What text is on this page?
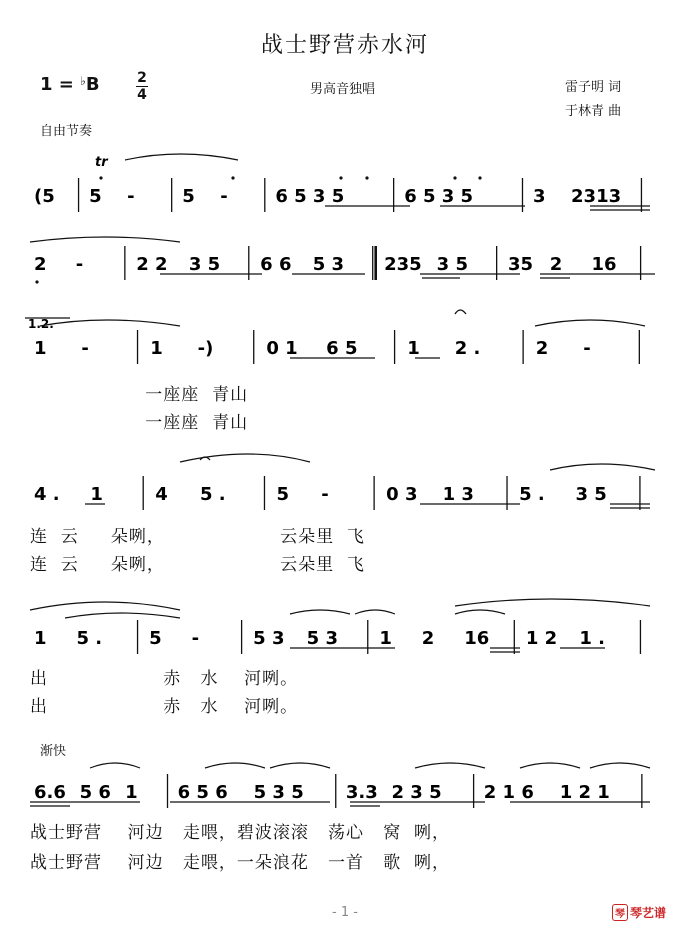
战士野营赤水河
1 = ♭B	2
4	男高音独唱	雷子明 词
于林青 曲
自由节奏
渐快
tr
(5 5 -	5 -	6 5 3 5	6 5 3 5	3 2313
2 -	2 2 3 5 6 6 5 3 235 3 5 35 2 16
1.2.
1 -	1 -)	0 1 6 5	1 2 .	2 -
4 . 1	4 5 .	5 -	0 3 1 3	5 . 3 5
1 5 .	5 -	5 3 5 3 1 2 16 1 2 1 .
6.6 5 6 1 6 5 6 5 3 5 3.3 2 3 5 2 1 6 1 2 1
一座座  青山
一座座  青山
连  云     朵咧，                  云朵里  飞
连  云     朵咧，                  云朵里  飞
出                  赤   水    河咧。
出                  赤   水    河咧。
战士野营    河边   走喂，碧波滚滚   荡心   窝  咧，
战士野营    河边   走喂，一朵浪花   一首   歌  咧，
- 1 -	琴 琴艺谱
